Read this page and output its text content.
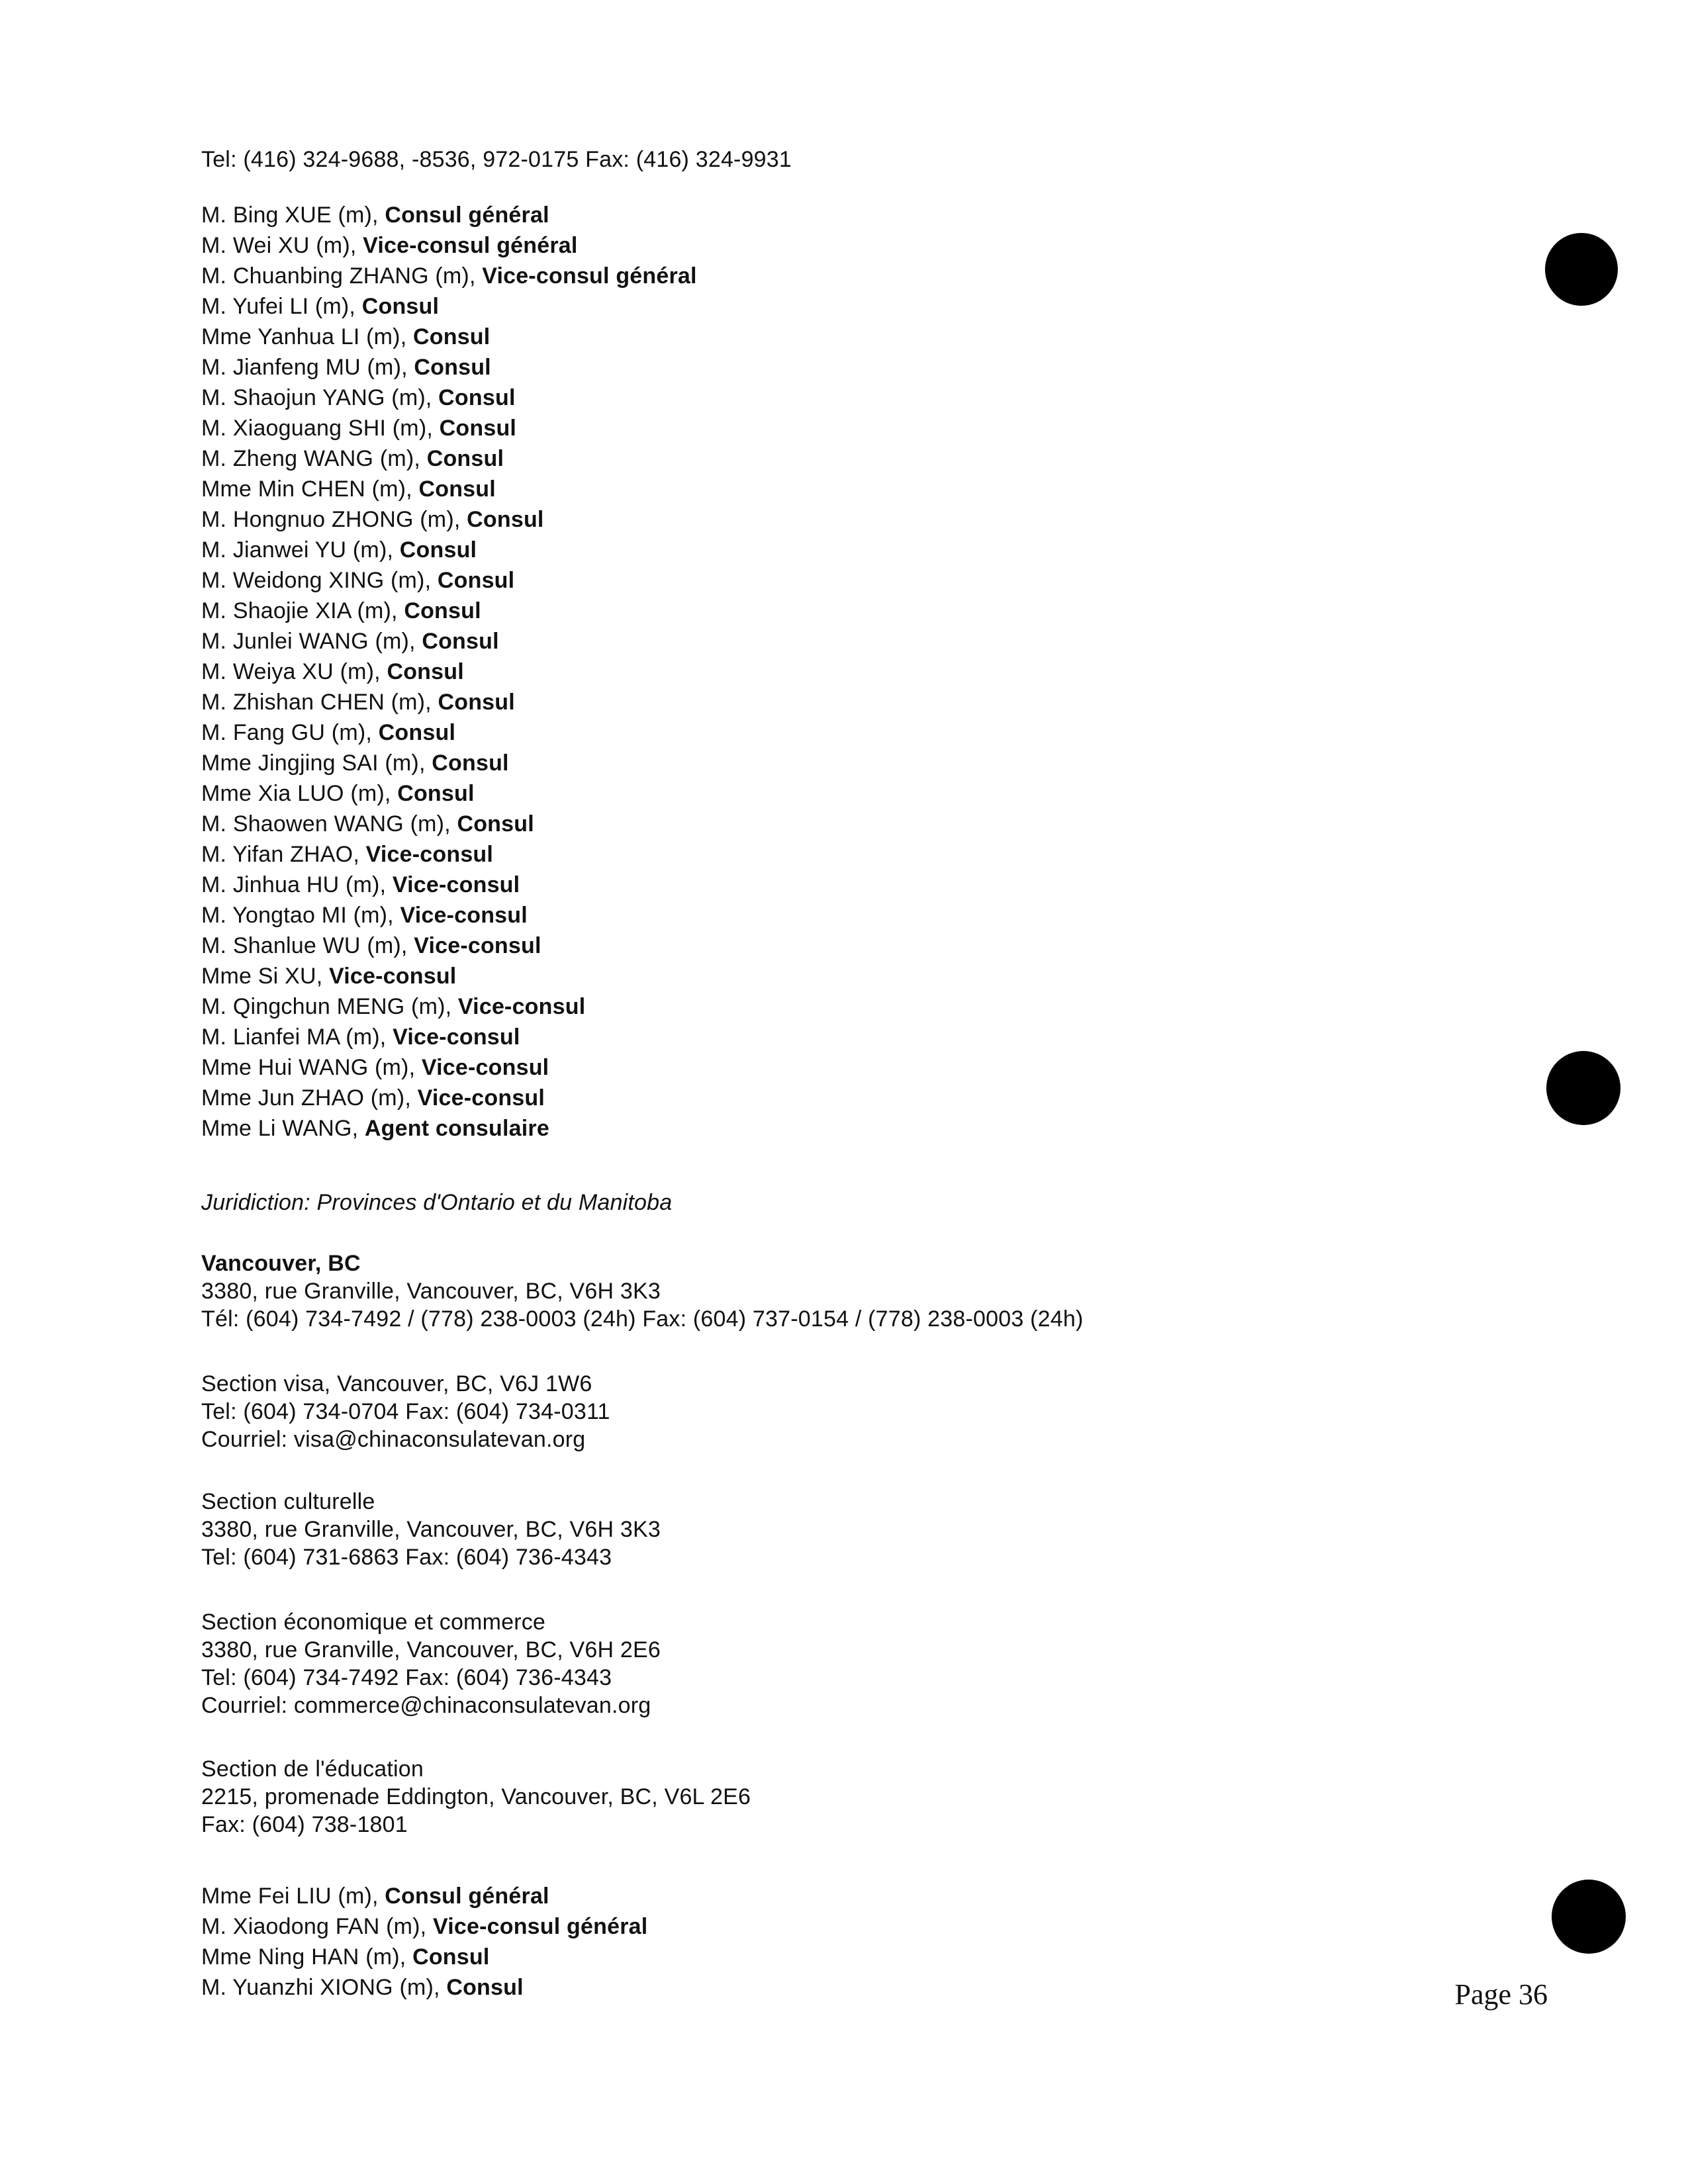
Tel: (416) 324-9688, -8536, 972-0175 Fax: (416) 324-9931
M. Bing XUE (m), Consul général
M. Wei XU (m), Vice-consul général
M. Chuanbing ZHANG (m), Vice-consul général
M. Yufei LI (m), Consul
Mme Yanhua LI (m), Consul
M. Jianfeng MU (m), Consul
M. Shaojun YANG (m), Consul
M. Xiaoguang SHI (m), Consul
M. Zheng WANG (m), Consul
Mme Min CHEN (m), Consul
M. Hongnuo ZHONG (m), Consul
M. Jianwei YU (m), Consul
M. Weidong XING (m), Consul
M. Shaojie XIA (m), Consul
M. Junlei WANG (m), Consul
M. Weiya XU (m), Consul
M. Zhishan CHEN (m), Consul
M. Fang GU (m), Consul
Mme Jingjing SAI (m), Consul
Mme Xia LUO (m), Consul
M. Shaowen WANG (m), Consul
M. Yifan ZHAO, Vice-consul
M. Jinhua HU (m), Vice-consul
M. Yongtao MI (m), Vice-consul
M. Shanlue WU (m), Vice-consul
Mme Si XU, Vice-consul
M. Qingchun MENG (m), Vice-consul
M. Lianfei MA (m), Vice-consul
Mme Hui WANG (m), Vice-consul
Mme Jun ZHAO (m), Vice-consul
Mme Li WANG, Agent consulaire
Juridiction: Provinces d'Ontario et du Manitoba
Vancouver, BC
3380, rue Granville, Vancouver, BC, V6H 3K3
Tél: (604) 734-7492 / (778) 238-0003 (24h) Fax: (604) 737-0154 / (778) 238-0003 (24h)
Section visa, Vancouver, BC, V6J 1W6
Tel: (604) 734-0704 Fax: (604) 734-0311
Courriel: visa@chinaconsulatevan.org
Section culturelle
3380, rue Granville, Vancouver, BC, V6H 3K3
Tel: (604) 731-6863 Fax: (604) 736-4343
Section économique et commerce
3380, rue Granville, Vancouver, BC, V6H 2E6
Tel: (604) 734-7492 Fax: (604) 736-4343
Courriel: commerce@chinaconsulatevan.org
Section de l'éducation
2215, promenade Eddington, Vancouver, BC, V6L 2E6
Fax: (604) 738-1801
Mme Fei LIU (m), Consul général
M. Xiaodong FAN (m), Vice-consul général
Mme Ning HAN (m), Consul
M. Yuanzhi XIONG (m), Consul	Page 36
